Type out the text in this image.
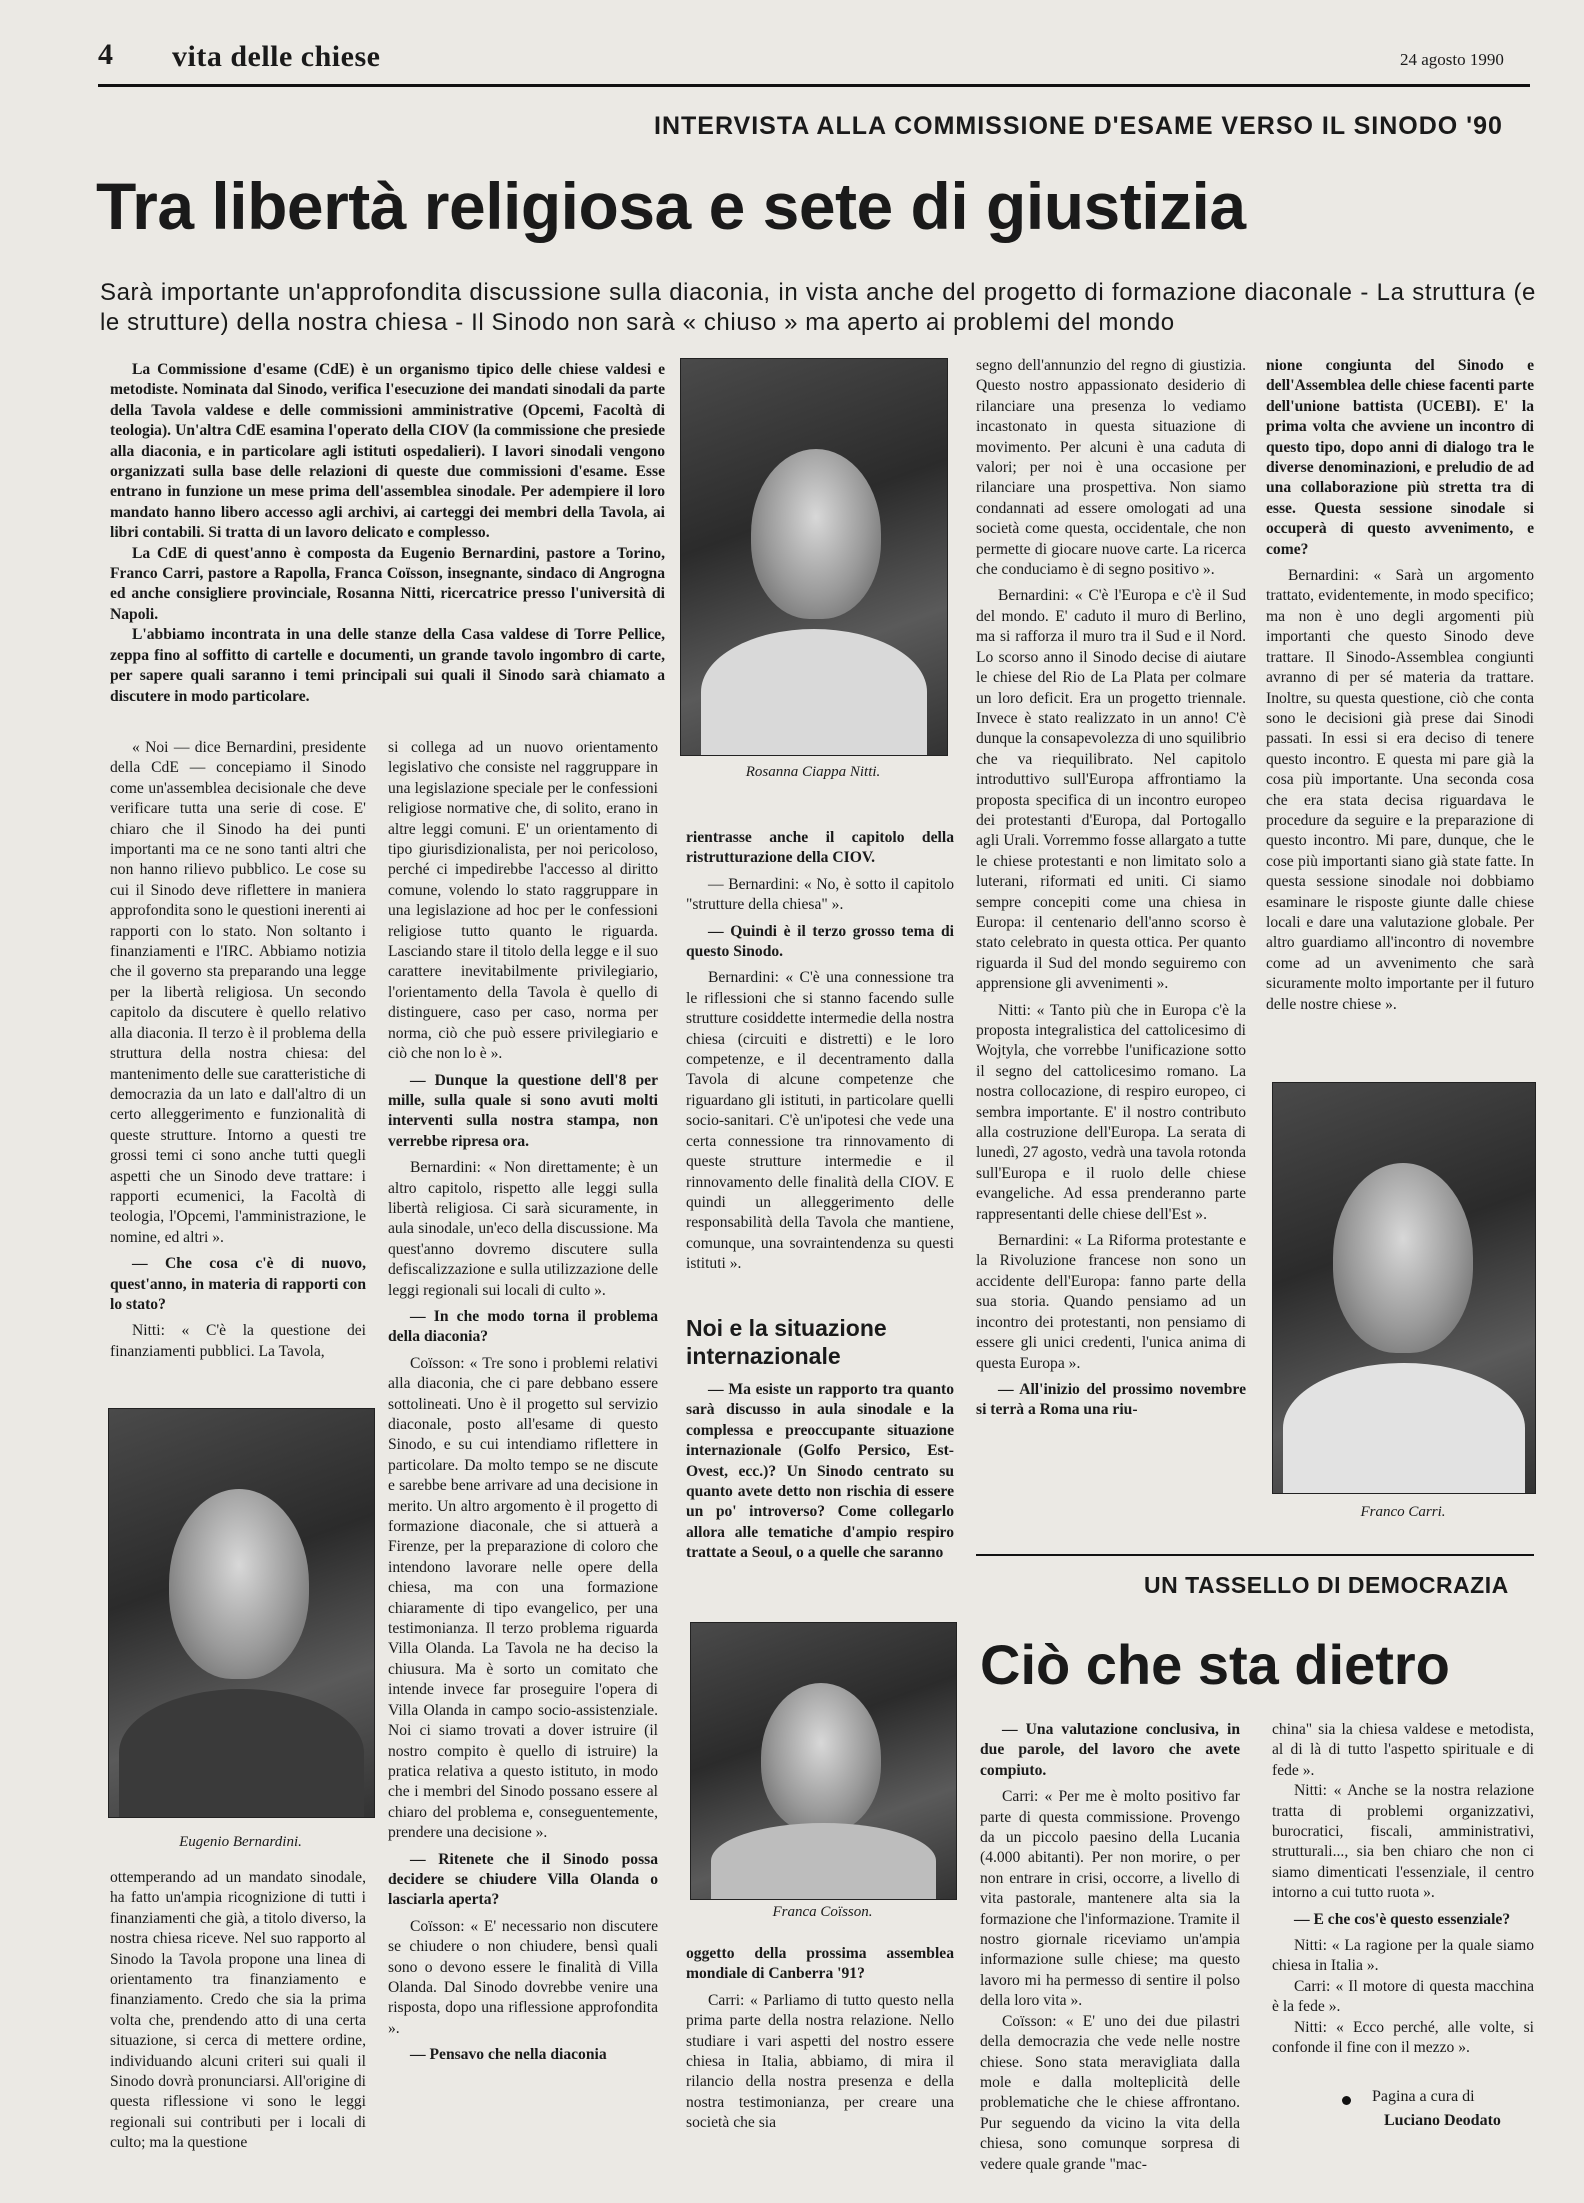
4 vita delle chiese	24 agosto 1990
INTERVISTA ALLA COMMISSIONE D'ESAME VERSO IL SINODO '90
Tra libertà religiosa e sete di giustizia
Sarà importante un'approfondita discussione sulla diaconia, in vista anche del progetto di formazione diaconale - La struttura (e le strutture) della nostra chiesa - Il Sinodo non sarà « chiuso » ma aperto ai problemi del mondo

La Commissione d'esame (CdE) è un organismo tipico delle chiese valdesi e metodiste. Nominata dal Sinodo, verifica l'esecuzione dei mandati sinodali da parte della Tavola valdese e delle commissioni amministrative (Opcemi, Facoltà di teologia). Un'altra CdE esamina l'operato della CIOV (la commissione che presiede alla diaconia, e in particolare agli istituti ospedalieri). I lavori sinodali vengono organizzati sulla base delle relazioni di queste due commissioni d'esame. Esse entrano in funzione un mese prima dell'assemblea sinodale. Per adempiere il loro mandato hanno libero accesso agli archivi, ai carteggi dei membri della Tavola, ai libri contabili. Si tratta di un lavoro delicato e complesso.

La CdE di quest'anno è composta da Eugenio Bernardini, pastore a Torino, Franco Carri, pastore a Rapolla, Franca Coïsson, insegnante, sindaco di Angrogna ed anche consigliere provinciale, Rosanna Nitti, ricercatrice presso l'università di Napoli.

L'abbiamo incontrata in una delle stanze della Casa valdese di Torre Pellice, zeppa fino al soffitto di cartelle e documenti, un grande tavolo ingombro di carte, per sapere quali saranno i temi principali sui quali il Sinodo sarà chiamato a discutere in modo particolare.

Rosanna Ciappa Nitti.

« Noi — dice Bernardini, presidente della CdE — concepiamo il Sinodo come un'assemblea decisionale che deve verificare tutta una serie di cose. E' chiaro che il Sinodo ha dei punti importanti ma ce ne sono tanti altri che non hanno rilievo pubblico. Le cose su cui il Sinodo deve riflettere in maniera approfondita sono le questioni inerenti ai rapporti con lo stato. Non soltanto i finanziamenti e l'IRC. Abbiamo notizia che il governo sta preparando una legge per la libertà religiosa. Un secondo capitolo da discutere è quello relativo alla diaconia. Il terzo è il problema della struttura della nostra chiesa: del mantenimento delle sue caratteristiche di democrazia da un lato e dall'altro di un certo alleggerimento e funzionalità di queste strutture. Intorno a questi tre grossi temi ci sono anche tutti quegli aspetti che un Sinodo deve trattare: i rapporti ecumenici, la Facoltà di teologia, l'Opcemi, l'amministrazione, le nomine, ed altri ».

— Che cosa c'è di nuovo, quest'anno, in materia di rapporti con lo stato?

Nitti: « C'è la questione dei finanziamenti pubblici. La Tavola,

Eugenio Bernardini.

ottemperando ad un mandato sinodale, ha fatto un'ampia ricognizione di tutti i finanziamenti che già, a titolo diverso, la nostra chiesa riceve. Nel suo rapporto al Sinodo la Tavola propone una linea di orientamento tra finanziamento e finanziamento. Credo che sia la prima volta che, prendendo atto di una certa situazione, si cerca di mettere ordine, individuando alcuni criteri sui quali il Sinodo dovrà pronunciarsi. All'origine di questa riflessione vi sono le leggi regionali sui contributi per i locali di culto; ma la questione

si collega ad un nuovo orientamento legislativo che consiste nel raggruppare in una legislazione speciale per le confessioni religiose normative che, di solito, erano in altre leggi comuni. E' un orientamento di tipo giurisdizionalista, per noi pericoloso, perché ci impedirebbe l'accesso al diritto comune, volendo lo stato raggruppare in una legislazione ad hoc per le confessioni religiose tutto quanto le riguarda. Lasciando stare il titolo della legge e il suo carattere inevitabilmente privilegiario, l'orientamento della Tavola è quello di distinguere, caso per caso, norma per norma, ciò che può essere privilegiario e ciò che non lo è ».

— Dunque la questione dell'8 per mille, sulla quale si sono avuti molti interventi sulla nostra stampa, non verrebbe ripresa ora.

Bernardini: « Non direttamente; è un altro capitolo, rispetto alle leggi sulla libertà religiosa. Ci sarà sicuramente, in aula sinodale, un'eco della discussione. Ma quest'anno dovremo discutere sulla defiscalizzazione e sulla utilizzazione delle leggi regionali sui locali di culto ».

— In che modo torna il problema della diaconia?

Coïsson: « Tre sono i problemi relativi alla diaconia, che ci pare debbano essere sottolineati. Uno è il progetto sul servizio diaconale, posto all'esame di questo Sinodo, e su cui intendiamo riflettere in particolare. Da molto tempo se ne discute e sarebbe bene arrivare ad una decisione in merito. Un altro argomento è il progetto di formazione diaconale, che si attuerà a Firenze, per la preparazione di coloro che intendono lavorare nelle opere della chiesa, ma con una formazione chiaramente di tipo evangelico, per una testimonianza. Il terzo problema riguarda Villa Olanda. La Tavola ne ha deciso la chiusura. Ma è sorto un comitato che intende invece far proseguire l'opera di Villa Olanda in campo socio-assistenziale. Noi ci siamo trovati a dover istruire (il nostro compito è quello di istruire) la pratica relativa a questo istituto, in modo che i membri del Sinodo possano essere al chiaro del problema e, conseguentemente, prendere una decisione ».

— Ritenete che il Sinodo possa decidere se chiudere Villa Olanda o lasciarla aperta?

Coïsson: « E' necessario non discutere se chiudere o non chiudere, bensì quali sono o devono essere le finalità di Villa Olanda. Dal Sinodo dovrebbe venire una risposta, dopo una riflessione approfondita ».

— Pensavo che nella diaconia

rientrasse anche il capitolo della ristrutturazione della CIOV.

— Bernardini: « No, è sotto il capitolo "strutture della chiesa" ».

— Quindi è il terzo grosso tema di questo Sinodo.

Bernardini: « C'è una connessione tra le riflessioni che si stanno facendo sulle strutture cosiddette intermedie della nostra chiesa (circuiti e distretti) e le loro competenze, e il decentramento dalla Tavola di alcune competenze che riguardano gli istituti, in particolare quelli socio-sanitari. C'è un'ipotesi che vede una certa connessione tra rinnovamento di queste strutture intermedie e il rinnovamento delle finalità della CIOV. E quindi un alleggerimento delle responsabilità della Tavola che mantiene, comunque, una sovraintendenza su questi istituti ».

Noi e la situazione internazionale

— Ma esiste un rapporto tra quanto sarà discusso in aula sinodale e la complessa e preoccupante situazione internazionale (Golfo Persico, Est-Ovest, ecc.)? Un Sinodo centrato su quanto avete detto non rischia di essere un po' introverso? Come collegarlo allora alle tematiche d'ampio respiro trattate a Seoul, o a quelle che saranno

Franca Coïsson.

oggetto della prossima assemblea mondiale di Canberra '91?

Carri: « Parliamo di tutto questo nella prima parte della nostra relazione. Nello studiare i vari aspetti del nostro essere chiesa in Italia, abbiamo, di mira il rilancio della nostra presenza e della nostra testimonianza, per creare una società che sia

segno dell'annunzio del regno di giustizia. Questo nostro appassionato desiderio di rilanciare una presenza lo vediamo incastonato in questa situazione di movimento. Per alcuni è una caduta di valori; per noi è una occasione per rilanciare una prospettiva. Non siamo condannati ad essere omologati ad una società come questa, occidentale, che non permette di giocare nuove carte. La ricerca che conduciamo è di segno positivo ».

Bernardini: « C'è l'Europa e c'è il Sud del mondo. E' caduto il muro di Berlino, ma si rafforza il muro tra il Sud e il Nord. Lo scorso anno il Sinodo decise di aiutare le chiese del Rio de La Plata per colmare un loro deficit. Era un progetto triennale. Invece è stato realizzato in un anno! C'è dunque la consapevolezza di uno squilibrio che va riequilibrato. Nel capitolo introduttivo sull'Europa affrontiamo la proposta specifica di un incontro europeo dei protestanti d'Europa, dal Portogallo agli Urali. Vorremmo fosse allargato a tutte le chiese protestanti e non limitato solo a luterani, riformati ed uniti. Ci siamo sempre concepiti come una chiesa in Europa: il centenario dell'anno scorso è stato celebrato in questa ottica. Per quanto riguarda il Sud del mondo seguiremo con apprensione gli avvenimenti ».

Nitti: « Tanto più che in Europa c'è la proposta integralistica del cattolicesimo di Wojtyla, che vorrebbe l'unificazione sotto il segno del cattolicesimo romano. La nostra collocazione, di respiro europeo, ci sembra importante. E' il nostro contributo alla costruzione dell'Europa. La serata di lunedì, 27 agosto, vedrà una tavola rotonda sull'Europa e il ruolo delle chiese evangeliche. Ad essa prenderanno parte rappresentanti delle chiese dell'Est ».

Bernardini: « La Riforma protestante e la Rivoluzione francese non sono un accidente dell'Europa: fanno parte della sua storia. Quando pensiamo ad un incontro dei protestanti, non pensiamo di essere gli unici credenti, l'unica anima di questa Europa ».

— All'inizio del prossimo novembre si terrà a Roma una riu-

nione congiunta del Sinodo e dell'Assemblea delle chiese facenti parte dell'unione battista (UCEBI). E' la prima volta che avviene un incontro di questo tipo, dopo anni di dialogo tra le diverse denominazioni, e preludio de ad una collaborazione più stretta tra di esse. Questa sessione sinodale si occuperà di questo avvenimento, e come?

Bernardini: « Sarà un argomento trattato, evidentemente, in modo specifico; ma non è uno degli argomenti più importanti che questo Sinodo deve trattare. Il Sinodo-Assemblea congiunti avranno di per sé materia da trattare. Inoltre, su questa questione, ciò che conta sono le decisioni già prese dai Sinodi passati. In essi si era deciso di tenere questo incontro. E questa mi pare già la cosa più importante. Una seconda cosa che era stata decisa riguardava le procedure da seguire e la preparazione di questo incontro. Mi pare, dunque, che le cose più importanti siano già state fatte. In questa sessione sinodale noi dobbiamo esaminare le risposte giunte dalle chiese locali e dare una valutazione globale. Per altro guardiamo all'incontro di novembre come ad un avvenimento che sarà sicuramente molto importante per il futuro delle nostre chiese ».

Franco Carri.
UN TASSELLO DI DEMOCRAZIA
Ciò che sta dietro

— Una valutazione conclusiva, in due parole, del lavoro che avete compiuto.

Carri: « Per me è molto positivo far parte di questa commissione. Provengo da un piccolo paesino della Lucania (4.000 abitanti). Per non morire, o per non entrare in crisi, occorre, a livello di vita pastorale, mantenere alta sia la formazione che l'informazione. Tramite il nostro giornale riceviamo un'ampia informazione sulle chiese; ma questo lavoro mi ha permesso di sentire il polso della loro vita ».

Coïsson: « E' uno dei due pilastri della democrazia che vede nelle nostre chiese. Sono stata meravigliata dalla mole e dalla molteplicità delle problematiche che le chiese affrontano. Pur seguendo da vicino la vita della chiesa, sono comunque sorpresa di vedere quale grande "mac-

china" sia la chiesa valdese e metodista, al di là di tutto l'aspetto spirituale e di fede ».

Nitti: « Anche se la nostra relazione tratta di problemi organizzativi, burocratici, fiscali, amministrativi, strutturali..., sia ben chiaro che non ci siamo dimenticati l'essenziale, il centro intorno a cui tutto ruota ».

— E che cos'è questo essenziale?

Nitti: « La ragione per la quale siamo chiesa in Italia ».

Carri: « Il motore di questa macchina è la fede ».

Nitti: « Ecco perché, alle volte, si confonde il fine con il mezzo ».

Pagina a cura di
Luciano Deodato
